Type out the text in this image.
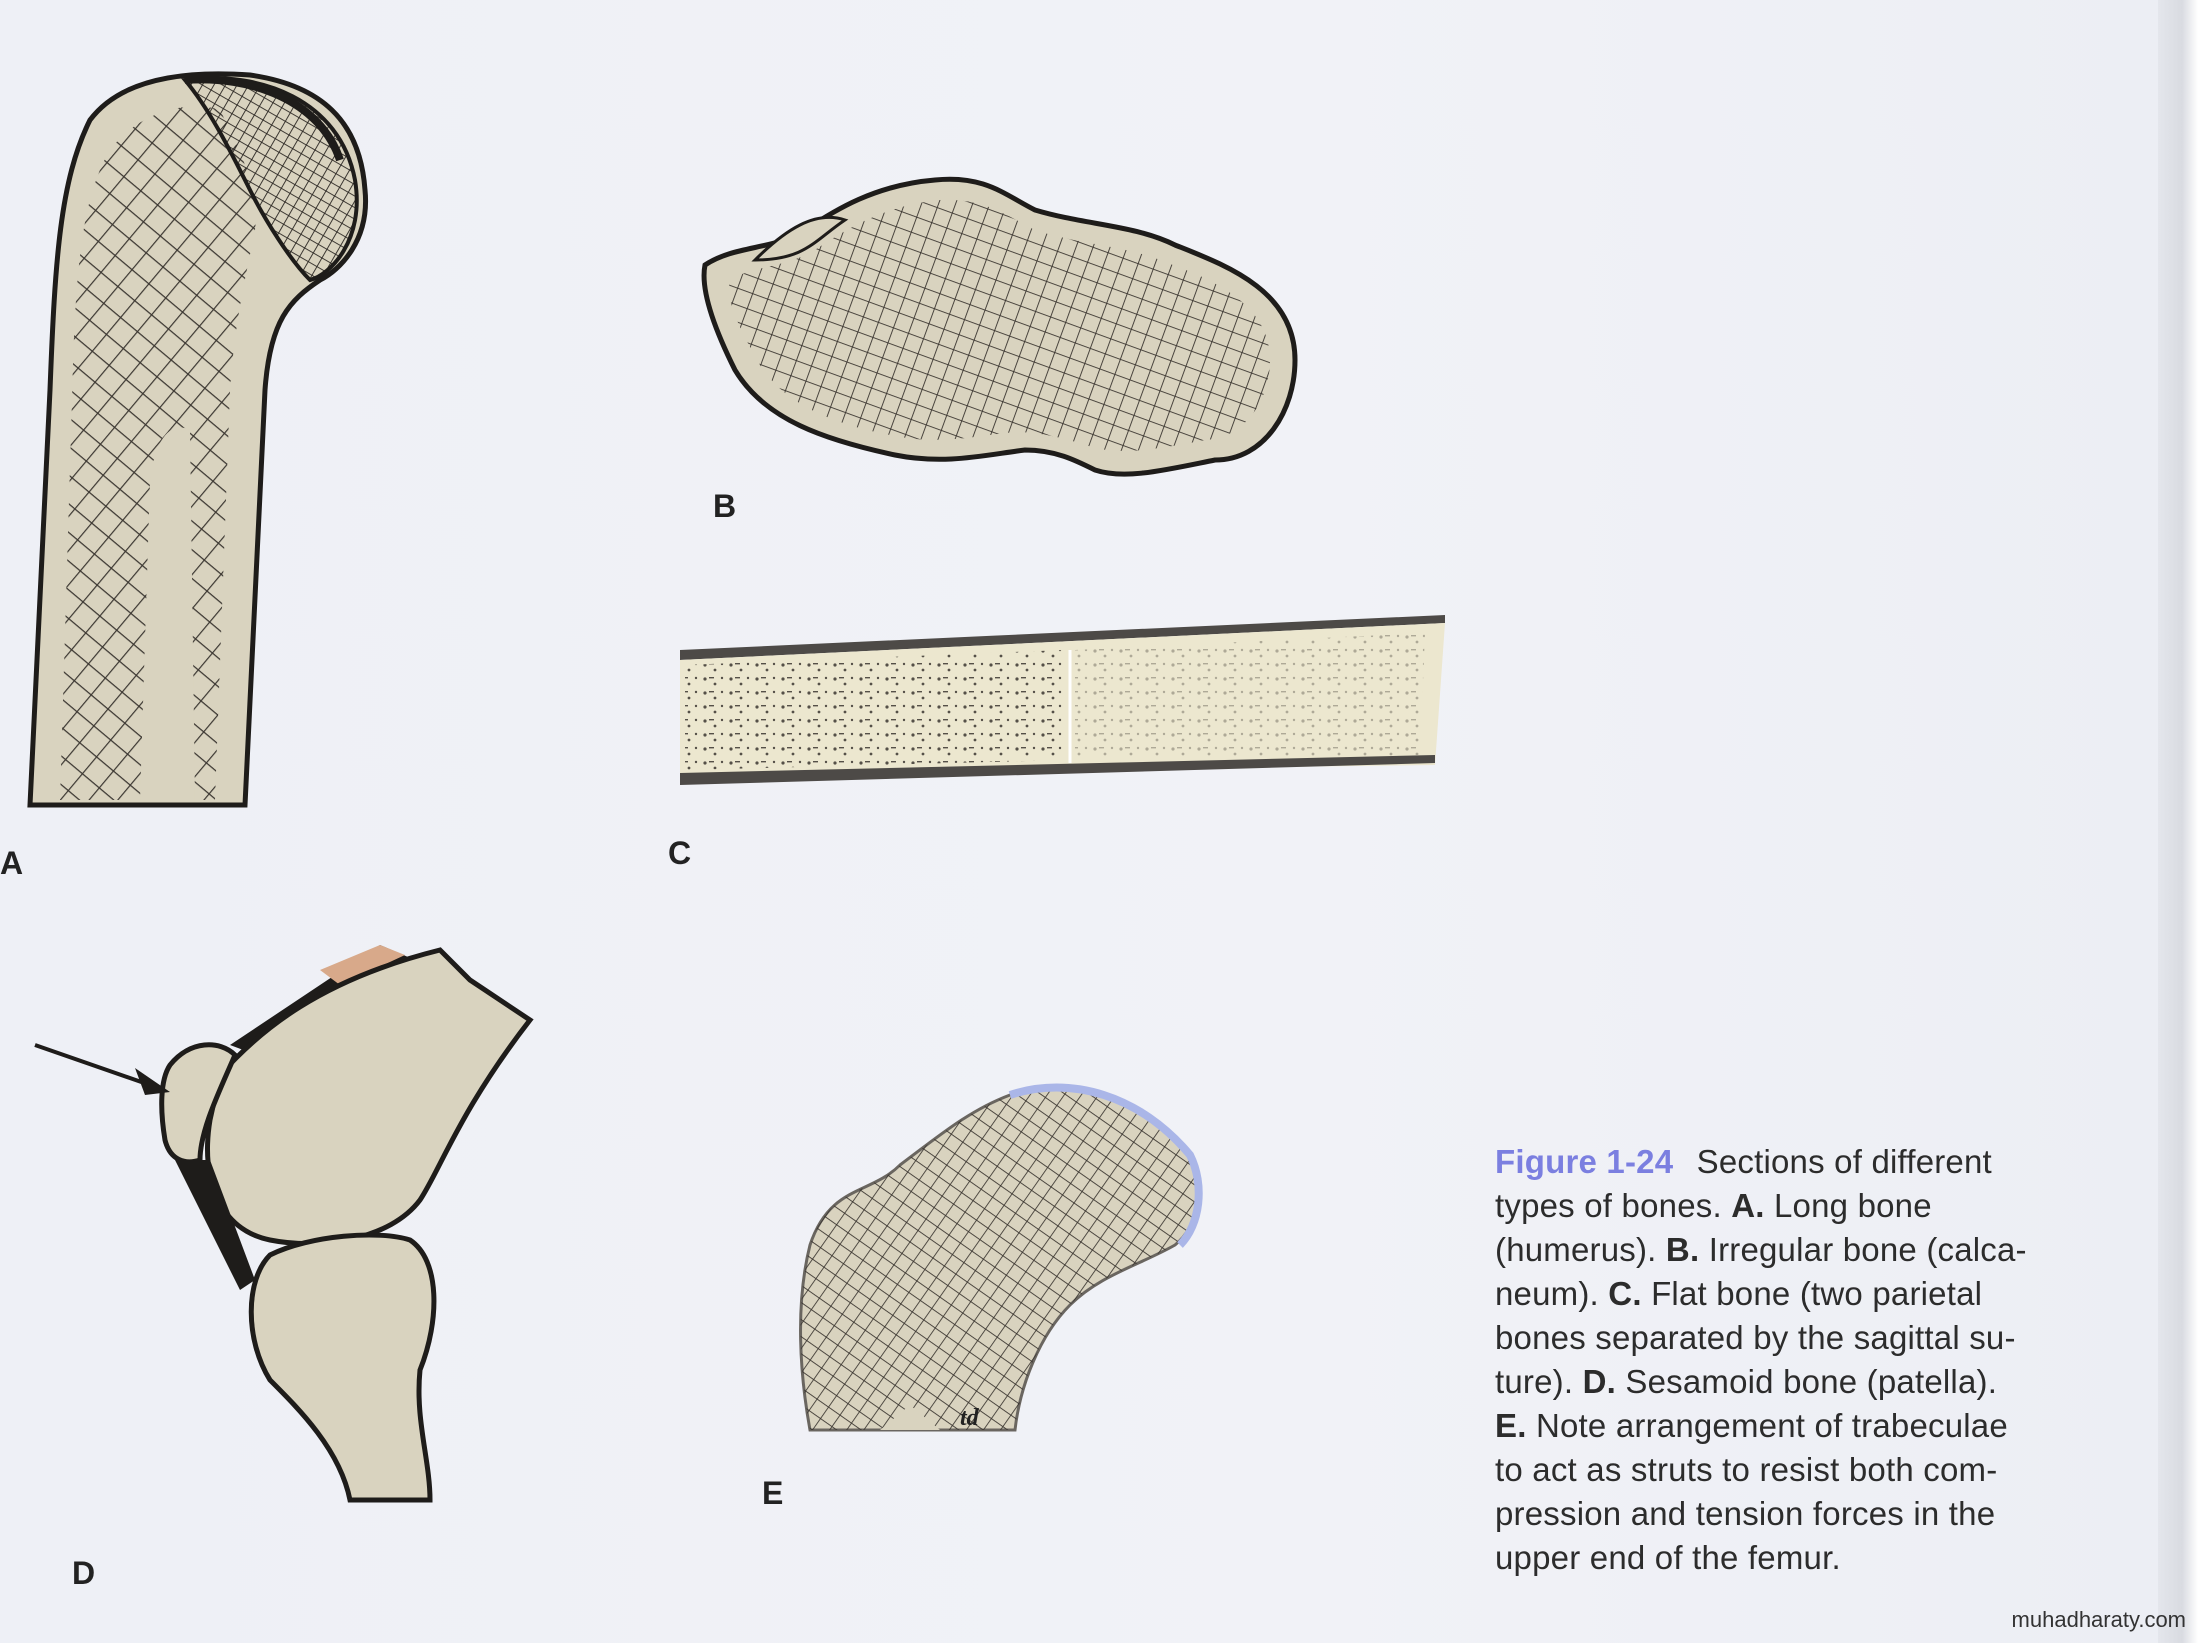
A
B
C
D
td
E
Figure 1-24 Sections of different
types of bones. A. Long bone
(humerus). B. Irregular bone (calca-
neum). C. Flat bone (two parietal
bones separated by the sagittal su-
ture). D. Sesamoid bone (patella).
E. Note arrangement of trabeculae
to act as struts to resist both com-
pression and tension forces in the
upper end of the femur.
muhadharaty.com
